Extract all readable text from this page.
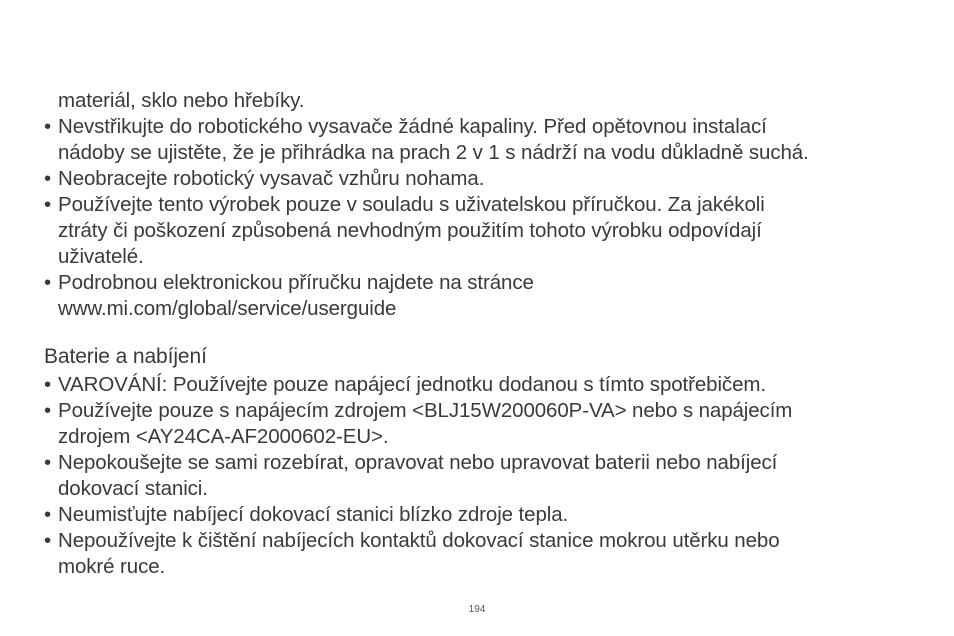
materiál, sklo nebo hřebíky.

• Nevstřikujte do robotického vysavače žádné kapaliny. Před opětovnou instalací
nádoby se ujistěte, že je přihrádka na prach 2 v 1 s nádrží na vodu důkladně suchá.
• Neobracejte robotický vysavač vzhůru nohama.
• Používejte tento výrobek pouze v souladu s uživatelskou příručkou. Za jakékoli
ztráty či poškození způsobená nevhodným použitím tohoto výrobku odpovídají
uživatelé.
• Podrobnou elektronickou příručku najdete na stránce
www.mi.com/global/service/userguide
Baterie a nabíjení
• VAROVÁNÍ: Používejte pouze napájecí jednotku dodanou s tímto spotřebičem.
• Používejte pouze s napájecím zdrojem <BLJ15W200060P-VA> nebo s napájecím
zdrojem <AY24CA-AF2000602-EU>.
• Nepokoušejte se sami rozebírat, opravovat nebo upravovat baterii nebo nabíjecí
dokovací stanici.
• Neumisťujte nabíjecí dokovací stanici blízko zdroje tepla.
• Nepoužívejte k čištění nabíjecích kontaktů dokovací stanice mokrou utěrku nebo
mokré ruce.
194
